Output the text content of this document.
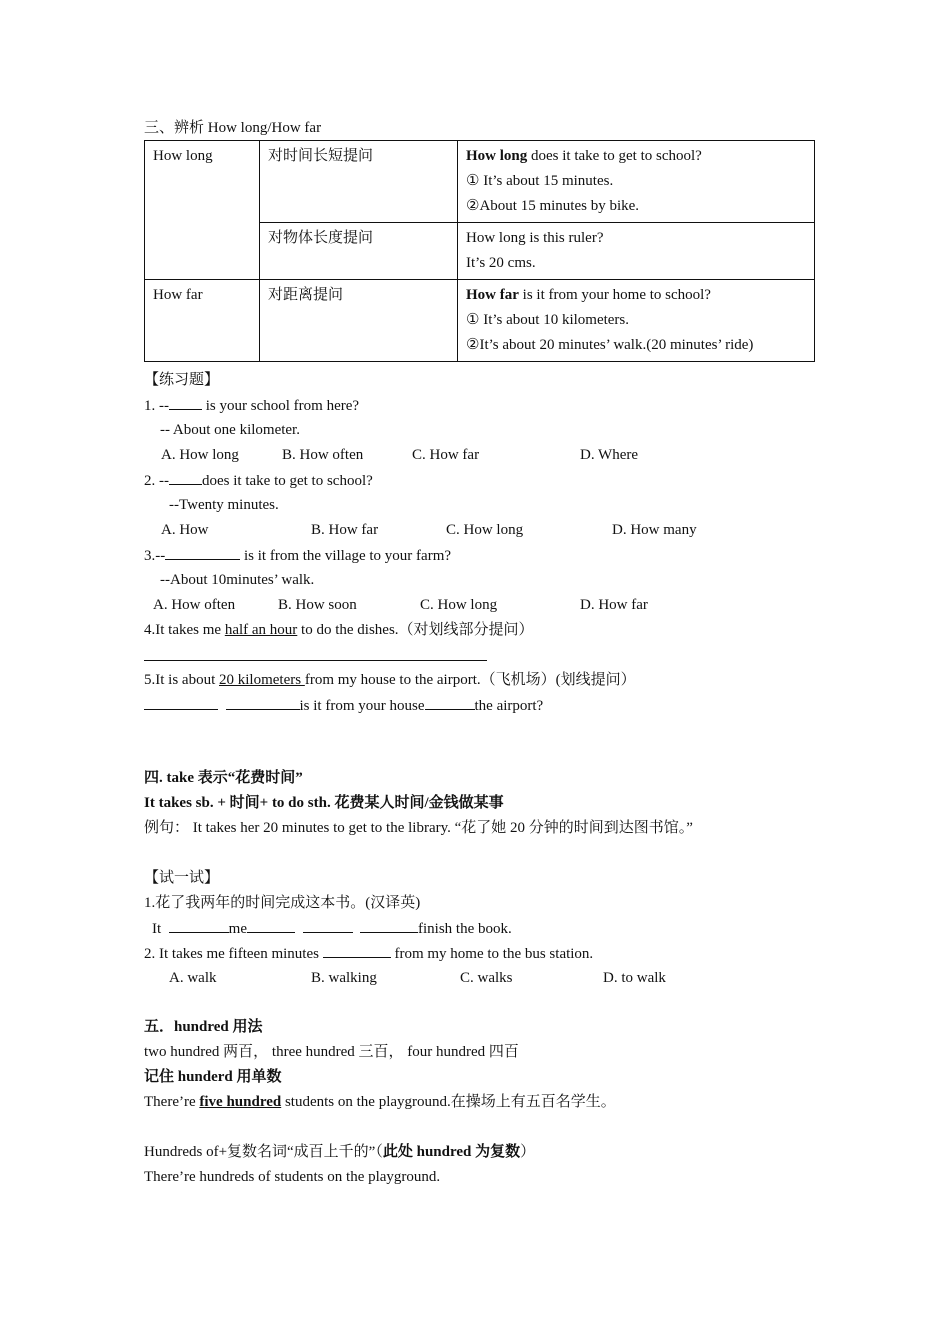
三、辨析 How long/How far
How long	对时间长短提问	How long does it take to get to school?
① It’s about 15 minutes.
②About 15 minutes by bike.

	对物体长度提问	How long is this ruler?
It’s 20 cms.

How far	对距离提问	How far is it from your home to school?
① It’s about 10 kilometers.
②It’s about 20 minutes’ walk.(20 minutes’ ride)
【练习题】
1. -- is your school from here?
-- About one kilometer.
A. How long	B. How often	C. How far	D. Where
2. -- does it take to get to school?
--Twenty minutes.
A. How	B. How far	C. How long	D. How many
3.--	is it from the village to your farm?
--About 10minutes’ walk.
A. How often	B. How soon	C. How long	D. How far
4.It takes me half an hour to do the dishes.（对划线部分提问）
5.It is about 20 kilometers from my house to the airport.（飞机场）(划线提问）
is it from your house	the airport?
四. take 表示“花费时间”
It takes sb. + 时间+ to do sth. 花费某人时间/金钱做某事
例句： It takes her 20 minutes to get to the library. “花了她 20 分钟的时间到达图书馆。”
【试一试】
1.花了我两年的时间完成这本书。(汉译英)
It	me	finish the book.
2. It takes me fifteen minutes	from my home to the bus station.
A. walk	B. walking	C. walks	D. to walk
五．hundred 用法
two hundred 两百， three hundred 三百， four hundred 四百
记住 hunderd 用单数
There’re five hundred students on the playground.在操场上有五百名学生。
Hundreds of+复数名词“成百上千的”（此处 hundred 为复数）
There’re hundreds of students on the playground.
